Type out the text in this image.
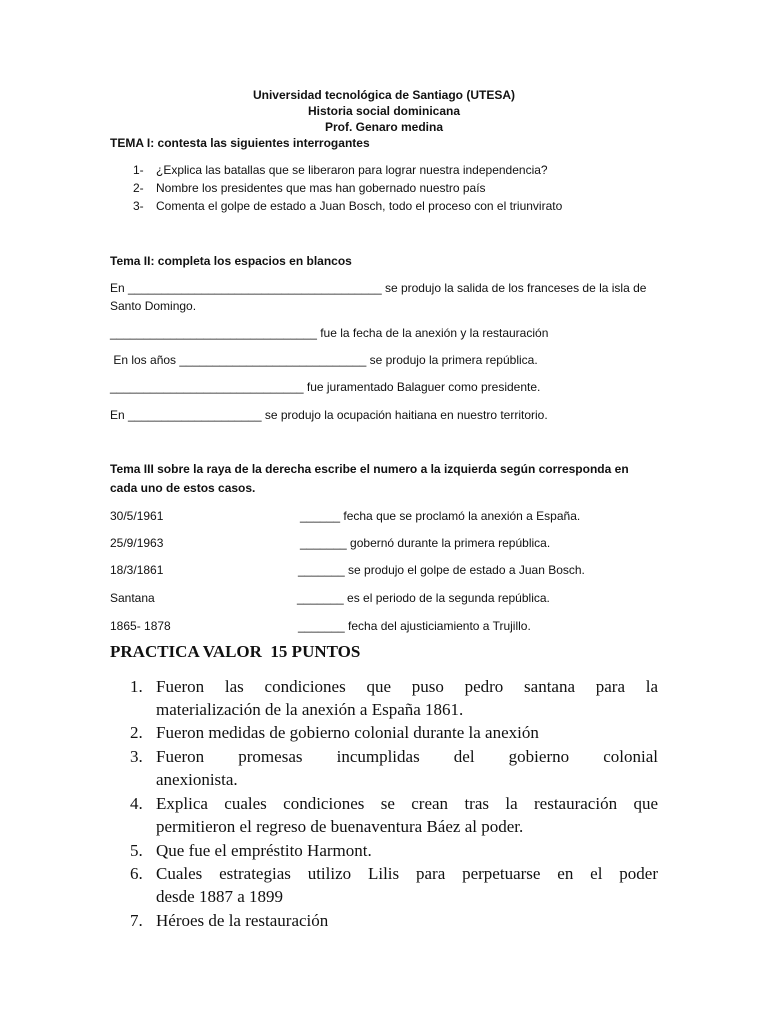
Universidad tecnológica de Santiago (UTESA)
Historia social dominicana
Prof. Genaro medina
TEMA I: contesta las siguientes interrogantes
1- ¿Explica las batallas que se liberaron para lograr nuestra independencia?
2- Nombre los presidentes que mas han gobernado nuestro país
3- Comenta el golpe de estado a Juan Bosch, todo el proceso con el triunvirato
Tema II: completa los espacios en blancos
En ______________________________________ se produjo la salida de los franceses de la isla de
Santo Domingo.
_______________________________ fue la fecha de la anexión y la restauración
En los años ____________________________ se produjo la primera república.
_____________________________ fue juramentado Balaguer como presidente.
En ____________________ se produjo la ocupación haitiana en nuestro territorio.
Tema III sobre la raya de la derecha escribe el numero a la izquierda según corresponda en
cada uno de estos casos.
30/5/1961	______ fecha que se proclamó la anexión a España.
25/9/1963	_______ gobernó durante la primera república.
18/3/1861	_______ se produjo el golpe de estado a Juan Bosch.
Santana	_______ es el periodo de la segunda república.
1865- 1878	_______ fecha del ajusticiamiento a Trujillo.
PRACTICA VALOR  15 PUNTOS
1. Fueron las condiciones que puso pedro santana para la
materialización de la anexión a España 1861.
2. Fueron medidas de gobierno colonial durante la anexión
3. Fueron promesas incumplidas del gobierno colonial
anexionista.
4. Explica cuales condiciones se crean tras la restauración que
permitieron el regreso de buenaventura Báez al poder.
5. Que fue el empréstito Harmont.
6. Cuales estrategias utilizo Lilis para perpetuarse en el poder
desde 1887 a 1899
7. Héroes de la restauración
